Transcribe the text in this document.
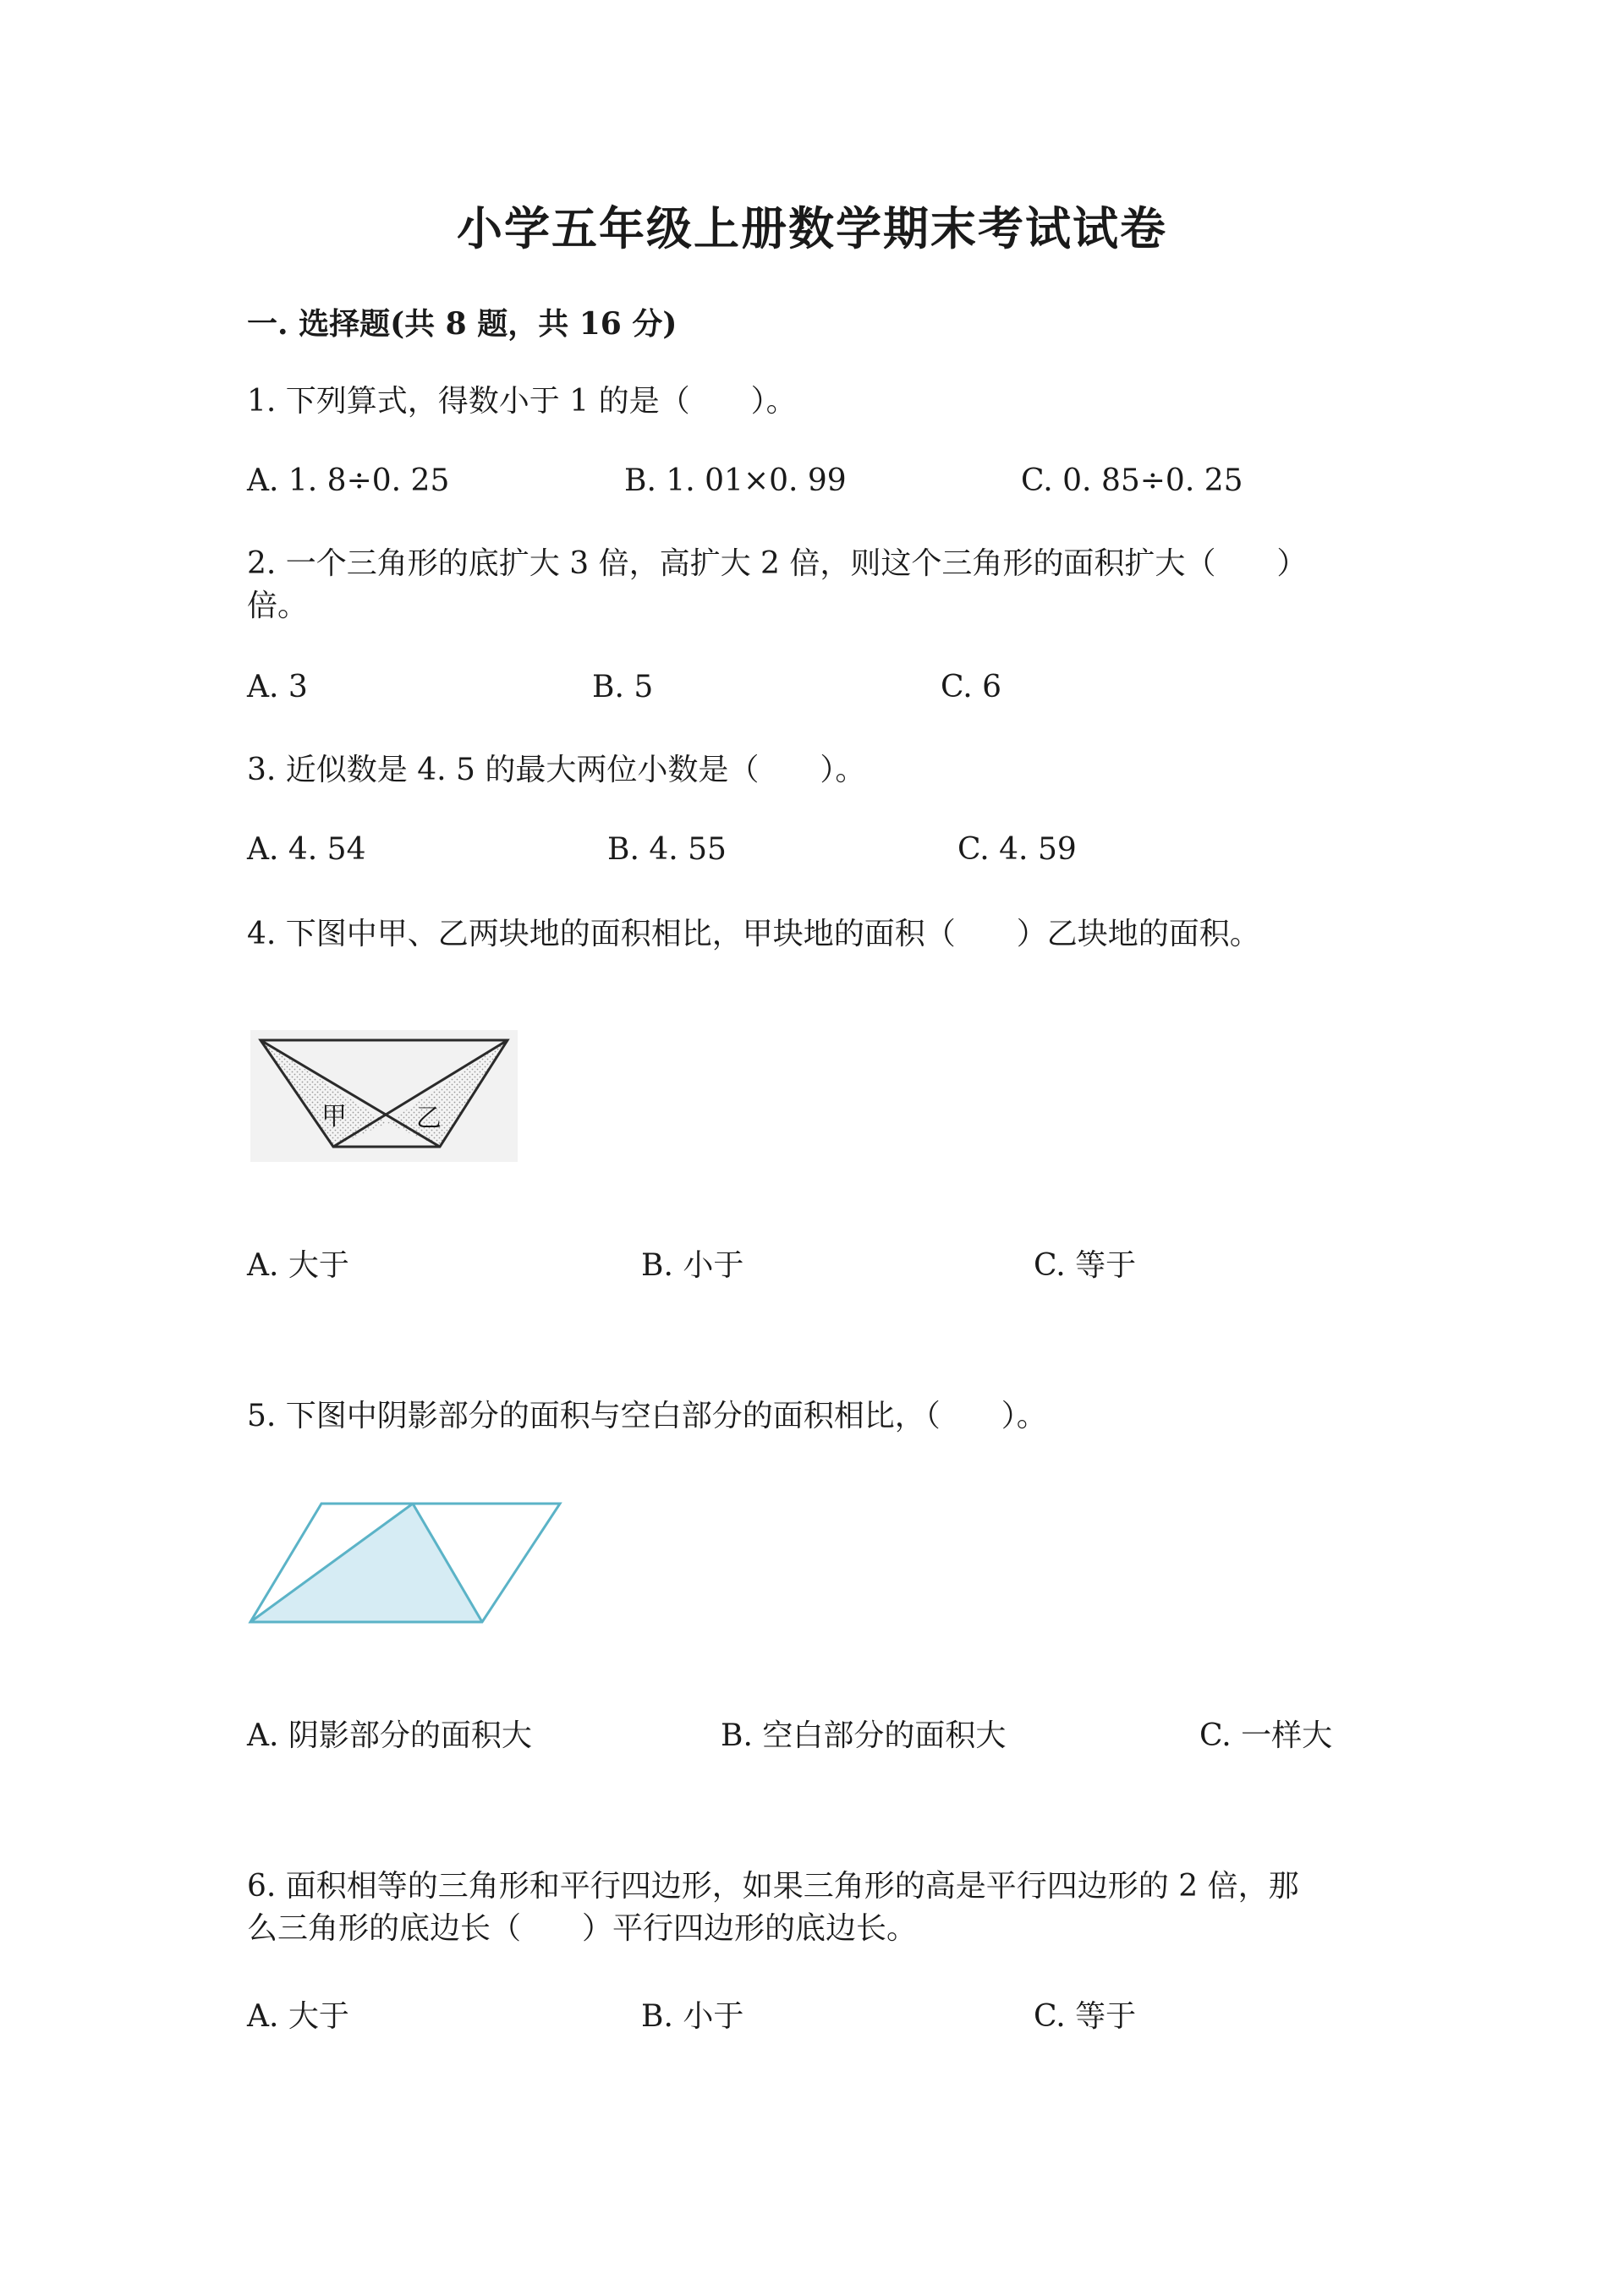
小学五年级上册数学期末考试试卷
一. 选择题(共 8 题，共 16 分)
1. 下列算式，得数小于 1 的是（　　）。
A. 1. 8÷0. 25	B. 1. 01×0. 99	C. 0. 85÷0. 25
2. 一个三角形的底扩大 3 倍，高扩大 2 倍，则这个三角形的面积扩大（　　）
倍。
A. 3	B. 5	C. 6
3. 近似数是 4. 5 的最大两位小数是（　　）。
A. 4. 54	B. 4. 55	C. 4. 59
4. 下图中甲、乙两块地的面积相比，甲块地的面积（　　）乙块地的面积。
甲	乙
A. 大于	B. 小于	C. 等于
5. 下图中阴影部分的面积与空白部分的面积相比，（　　）。
A. 阴影部分的面积大	B. 空白部分的面积大	C. 一样大
6. 面积相等的三角形和平行四边形，如果三角形的高是平行四边形的 2 倍，那
么三角形的底边长（　　）平行四边形的底边长。
A. 大于	B. 小于	C. 等于
